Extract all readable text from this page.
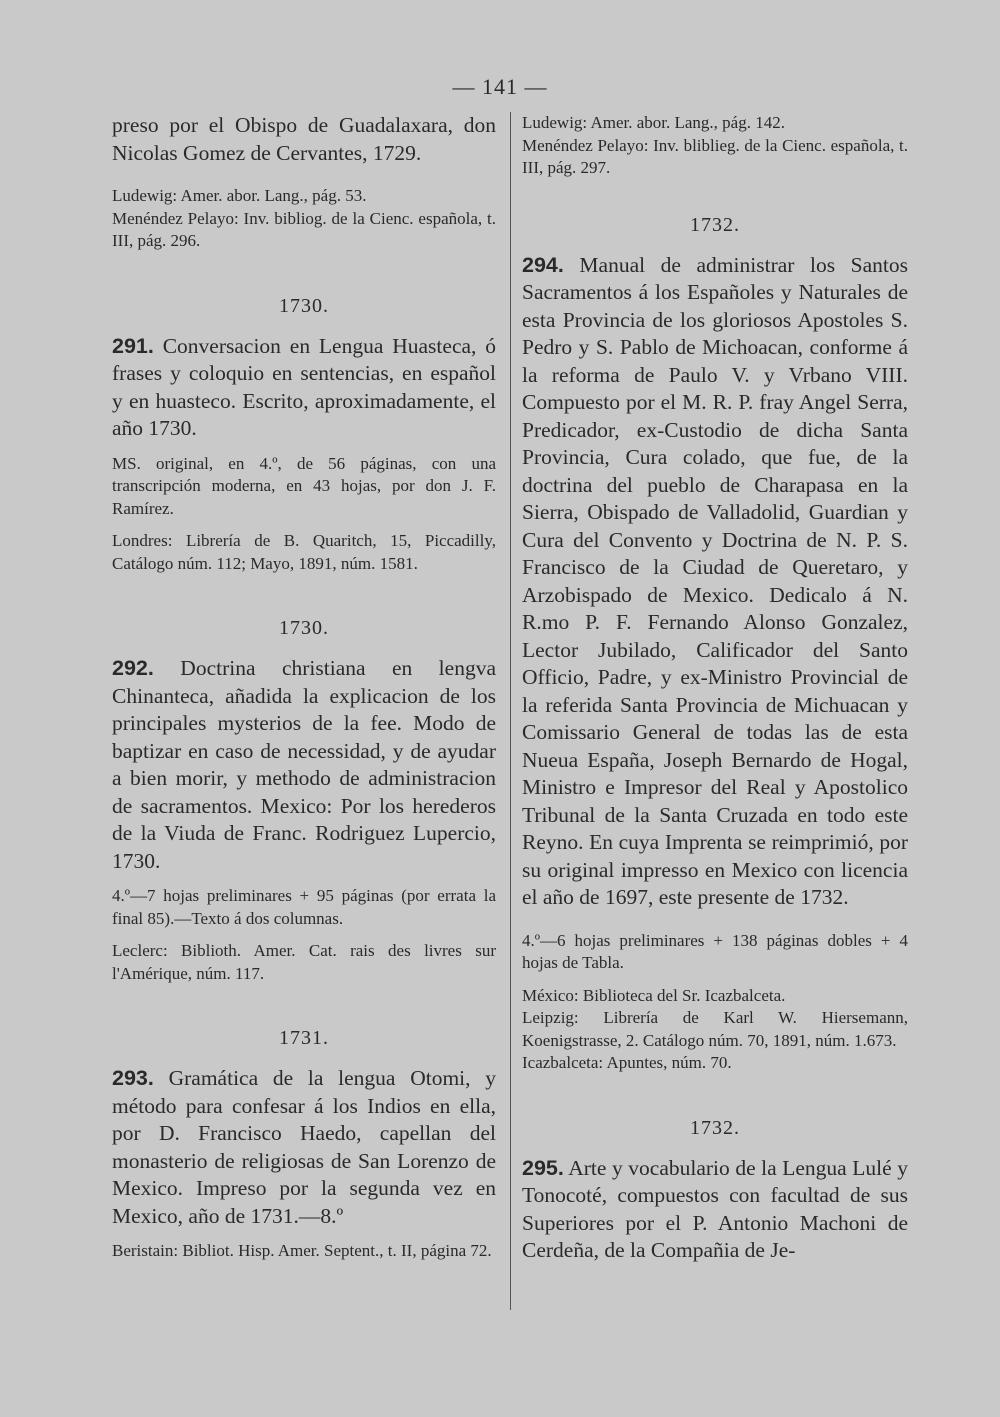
— 141 —

preso por el Obispo de Guadalaxara, don Nicolas Gomez de Cervantes, 1729.

Ludewig: Amer. abor. Lang., pág. 53.

Menéndez Pelayo: Inv. bibliog. de la Cienc. española, t. III, pág. 296.

1730.

291. Conversacion en Lengua Huasteca, ó frases y coloquio en sentencias, en español y en huasteco. Escrito, aproximadamente, el año 1730.

MS. original, en 4.º, de 56 páginas, con una transcripción moderna, en 43 hojas, por don J. F. Ramírez.

Londres: Librería de B. Quaritch, 15, Piccadilly, Catálogo núm. 112; Mayo, 1891, núm. 1581.

1730.

292. Doctrina christiana en lengva Chinanteca, añadida la explicacion de los principales mysterios de la fee. Modo de baptizar en caso de necessidad, y de ayudar a bien morir, y methodo de administracion de sacramentos. Mexico: Por los herederos de la Viuda de Franc. Rodriguez Lupercio, 1730.

4.º—7 hojas preliminares + 95 páginas (por errata la final 85).—Texto á dos columnas.

Leclerc: Biblioth. Amer. Cat. rais des livres sur l'Amérique, núm. 117.

1731.

293. Gramática de la lengua Otomi, y método para confesar á los Indios en ella, por D. Francisco Haedo, capellan del monasterio de religiosas de San Lorenzo de Mexico. Impreso por la segunda vez en Mexico, año de 1731.—8.º

Beristain: Bibliot. Hisp. Amer. Septent., t. II, página 72.

Ludewig: Amer. abor. Lang., pág. 142.

Menéndez Pelayo: Inv. bliblieg. de la Cienc. española, t. III, pág. 297.

1732.

294. Manual de administrar los Santos Sacramentos á los Españoles y Naturales de esta Provincia de los gloriosos Apostoles S. Pedro y S. Pablo de Michoacan, conforme á la reforma de Paulo V. y Vrbano VIII. Compuesto por el M. R. P. fray Angel Serra, Predicador, ex-Custodio de dicha Santa Provincia, Cura colado, que fue, de la doctrina del pueblo de Charapasa en la Sierra, Obispado de Valladolid, Guardian y Cura del Convento y Doctrina de N. P. S. Francisco de la Ciudad de Queretaro, y Arzobispado de Mexico. Dedicalo á N. R.mo P. F. Fernando Alonso Gonzalez, Lector Jubilado, Calificador del Santo Officio, Padre, y ex-Ministro Provincial de la referida Santa Provincia de Michuacan y Comissario General de todas las de esta Nueua España, Joseph Bernardo de Hogal, Ministro e Impresor del Real y Apostolico Tribunal de la Santa Cruzada en todo este Reyno. En cuya Imprenta se reimprimió, por su original impresso en Mexico con licencia el año de 1697, este presente de 1732.

4.º—6 hojas preliminares + 138 páginas dobles + 4 hojas de Tabla.

México: Biblioteca del Sr. Icazbalceta.

Leipzig: Librería de Karl W. Hiersemann, Koenigstrasse, 2. Catálogo núm. 70, 1891, núm. 1.673.

Icazbalceta: Apuntes, núm. 70.

1732.

295. Arte y vocabulario de la Lengua Lulé y Tonocoté, compuestos con facultad de sus Superiores por el P. Antonio Machoni de Cerdeña, de la Compañia de Je-
